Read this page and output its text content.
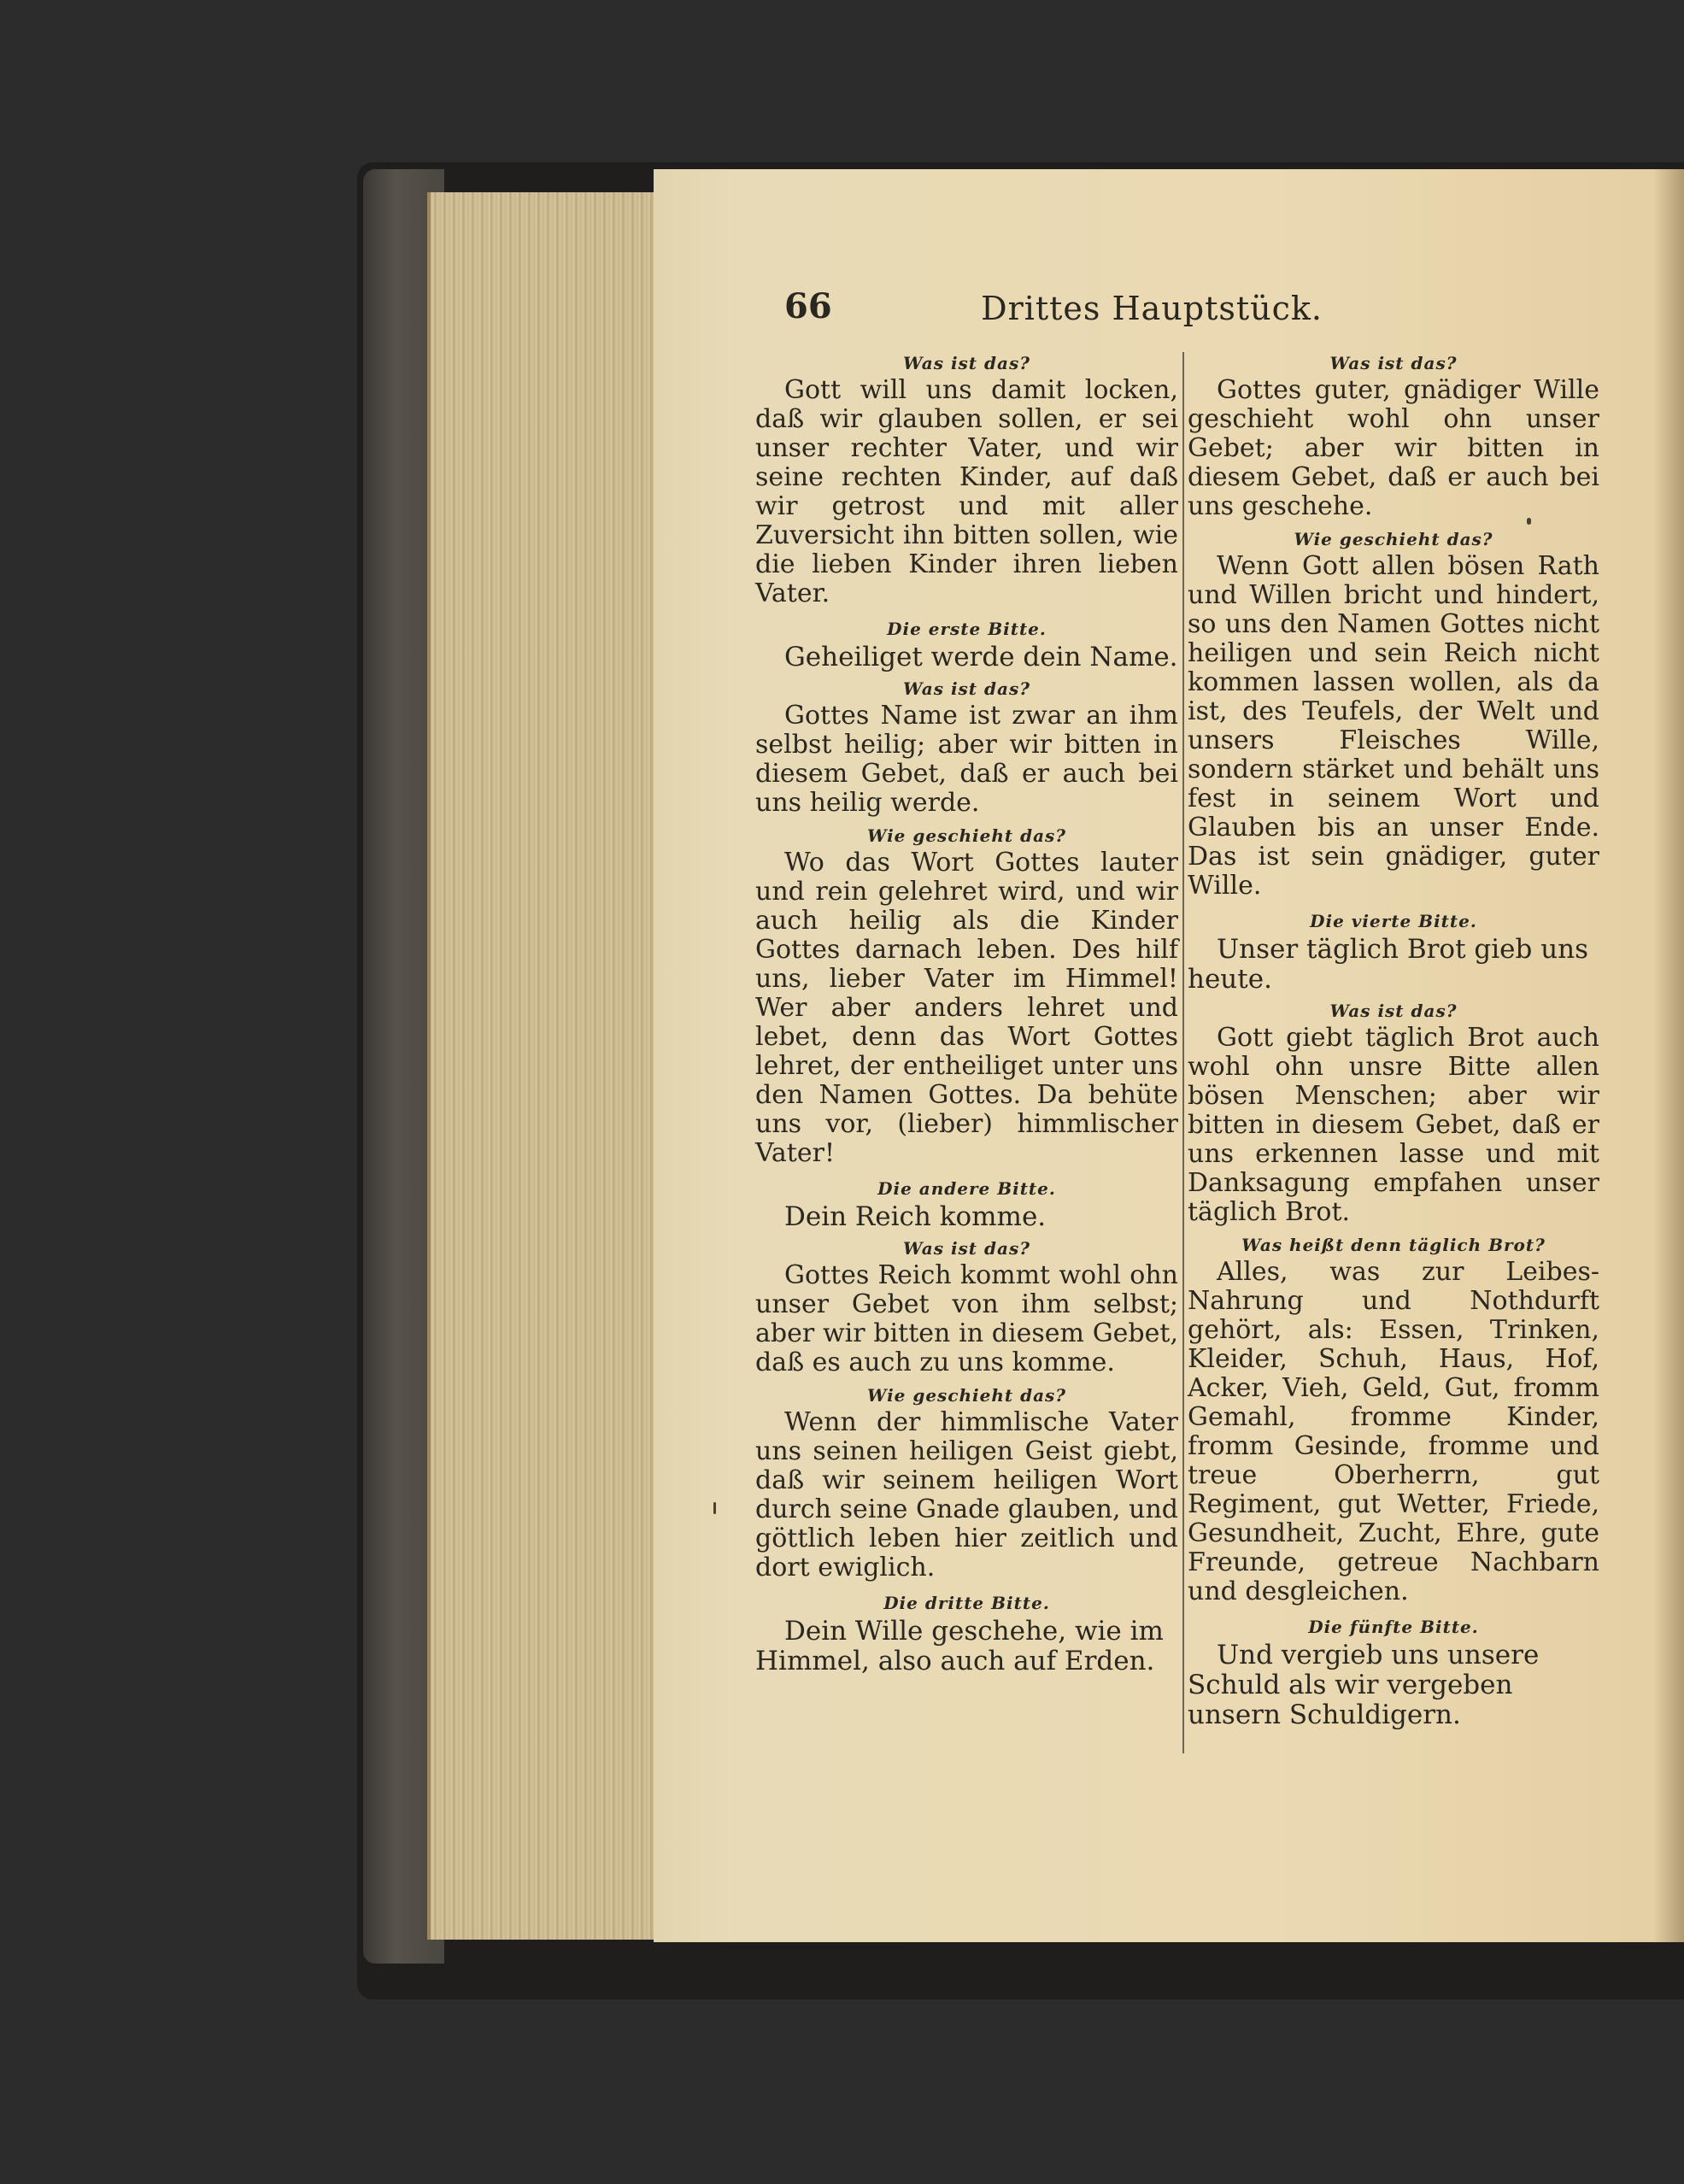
66	Drittes Hauptstück.

Was ist das?

Gott will uns damit locken, daß wir glauben sollen, er sei unser rechter Vater, und wir seine rechten Kinder, auf daß wir getrost und mit aller Zuversicht ihn bitten sollen, wie die lieben Kinder ihren lieben Vater.

Die erste Bitte.

Geheiliget werde dein Name.

Was ist das?

Gottes Name ist zwar an ihm selbst heilig; aber wir bitten in diesem Gebet, daß er auch bei uns heilig werde.

Wie geschieht das?

Wo das Wort Gottes lauter und rein gelehret wird, und wir auch heilig als die Kinder Gottes darnach leben. Des hilf uns, lieber Vater im Himmel! Wer aber anders lehret und lebet, denn das Wort Gottes lehret, der entheiliget unter uns den Namen Gottes. Da behüte uns vor, (lieber) himmlischer Vater!

Die andere Bitte.

Dein Reich komme.

Was ist das?

Gottes Reich kommt wohl ohn unser Gebet von ihm selbst; aber wir bitten in diesem Gebet, daß es auch zu uns komme.

Wie geschieht das?

Wenn der himmlische Vater uns seinen heiligen Geist giebt, daß wir seinem heiligen Wort durch seine Gnade glauben, und göttlich leben hier zeitlich und dort ewiglich.

Die dritte Bitte.

Dein Wille geschehe, wie im Himmel, also auch auf Erden.

Was ist das?

Gottes guter, gnädiger Wille geschieht wohl ohn unser Gebet; aber wir bitten in diesem Gebet, daß er auch bei uns geschehe.

Wie geschieht das?

Wenn Gott allen bösen Rath und Willen bricht und hindert, so uns den Namen Gottes nicht heiligen und sein Reich nicht kommen lassen wollen, als da ist, des Teufels, der Welt und unsers Fleisches Wille, sondern stärket und behält uns fest in seinem Wort und Glauben bis an unser Ende. Das ist sein gnädiger, guter Wille.

Die vierte Bitte.

Unser täglich Brot gieb uns heute.

Was ist das?

Gott giebt täglich Brot auch wohl ohn unsre Bitte allen bösen Menschen; aber wir bitten in diesem Gebet, daß er uns erkennen lasse und mit Danksagung empfahen unser täglich Brot.

Was heißt denn täglich Brot?

Alles, was zur Leibes-Nahrung und Nothdurft gehört, als: Essen, Trinken, Kleider, Schuh, Haus, Hof, Acker, Vieh, Geld, Gut, fromm Gemahl, fromme Kinder, fromm Gesinde, fromme und treue Oberherrn, gut Regiment, gut Wetter, Friede, Gesundheit, Zucht, Ehre, gute Freunde, getreue Nachbarn und desgleichen.

Die fünfte Bitte.

Und vergieb uns unsere Schuld als wir vergeben unsern Schuldigern.
